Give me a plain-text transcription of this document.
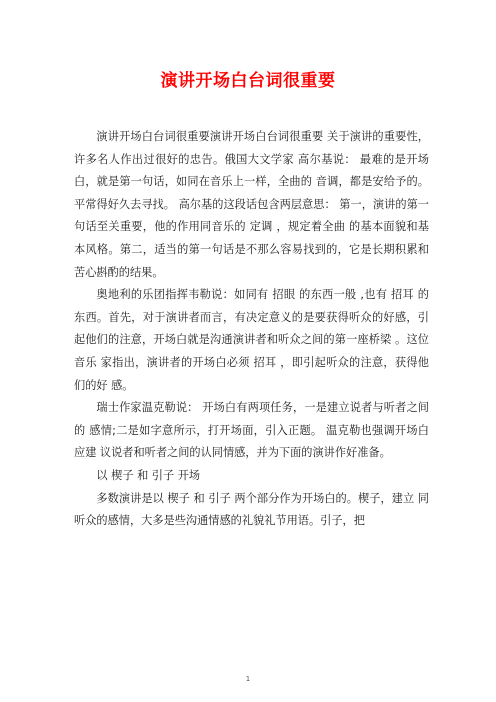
演讲开场白台词很重要

演讲开场白台词很重要演讲开场白台词很重要 关于演讲的重要性，许多名人作出过很好的忠告。俄国大文学家 高尔基说： 最难的是开场白，就是第一句话，如同在音乐上一样，全曲的 音调，都是安给予的。平常得好久去寻找。 高尔基的这段话包含两层意思： 第一，演讲的第一句话至关重要，他的作用同音乐的 定调 ，规定着全曲 的基本面貌和基本风格。第二，适当的第一句话是不那么容易找到的，它是长期积累和苦心斟酌的结果。

奥地利的乐团指挥韦勒说：如同有 招眼 的东西一般 ,也有 招耳 的东西。首先，对于演讲者而言，有决定意义的是要获得听众的好感，引起他们的注意，开场白就是沟通演讲者和听众之间的第一座桥梁 。这位音乐 家指出，演讲者的开场白必须 招耳 ，即引起听众的注意，获得他们的好 感。

瑞士作家温克勒说： 开场白有两项任务，一是建立说者与听者之间的 感情;二是如字意所示，打开场面，引入正题。 温克勒也强调开场白应建 议说者和听者之间的认同情感，并为下面的演讲作好准备。

以 楔子 和 引子 开场

多数演讲是以 楔子 和 引子 两个部分作为开场白的。楔子，建立 同听众的感情，大多是些沟通情感的礼貌礼节用语。引子，把

1
